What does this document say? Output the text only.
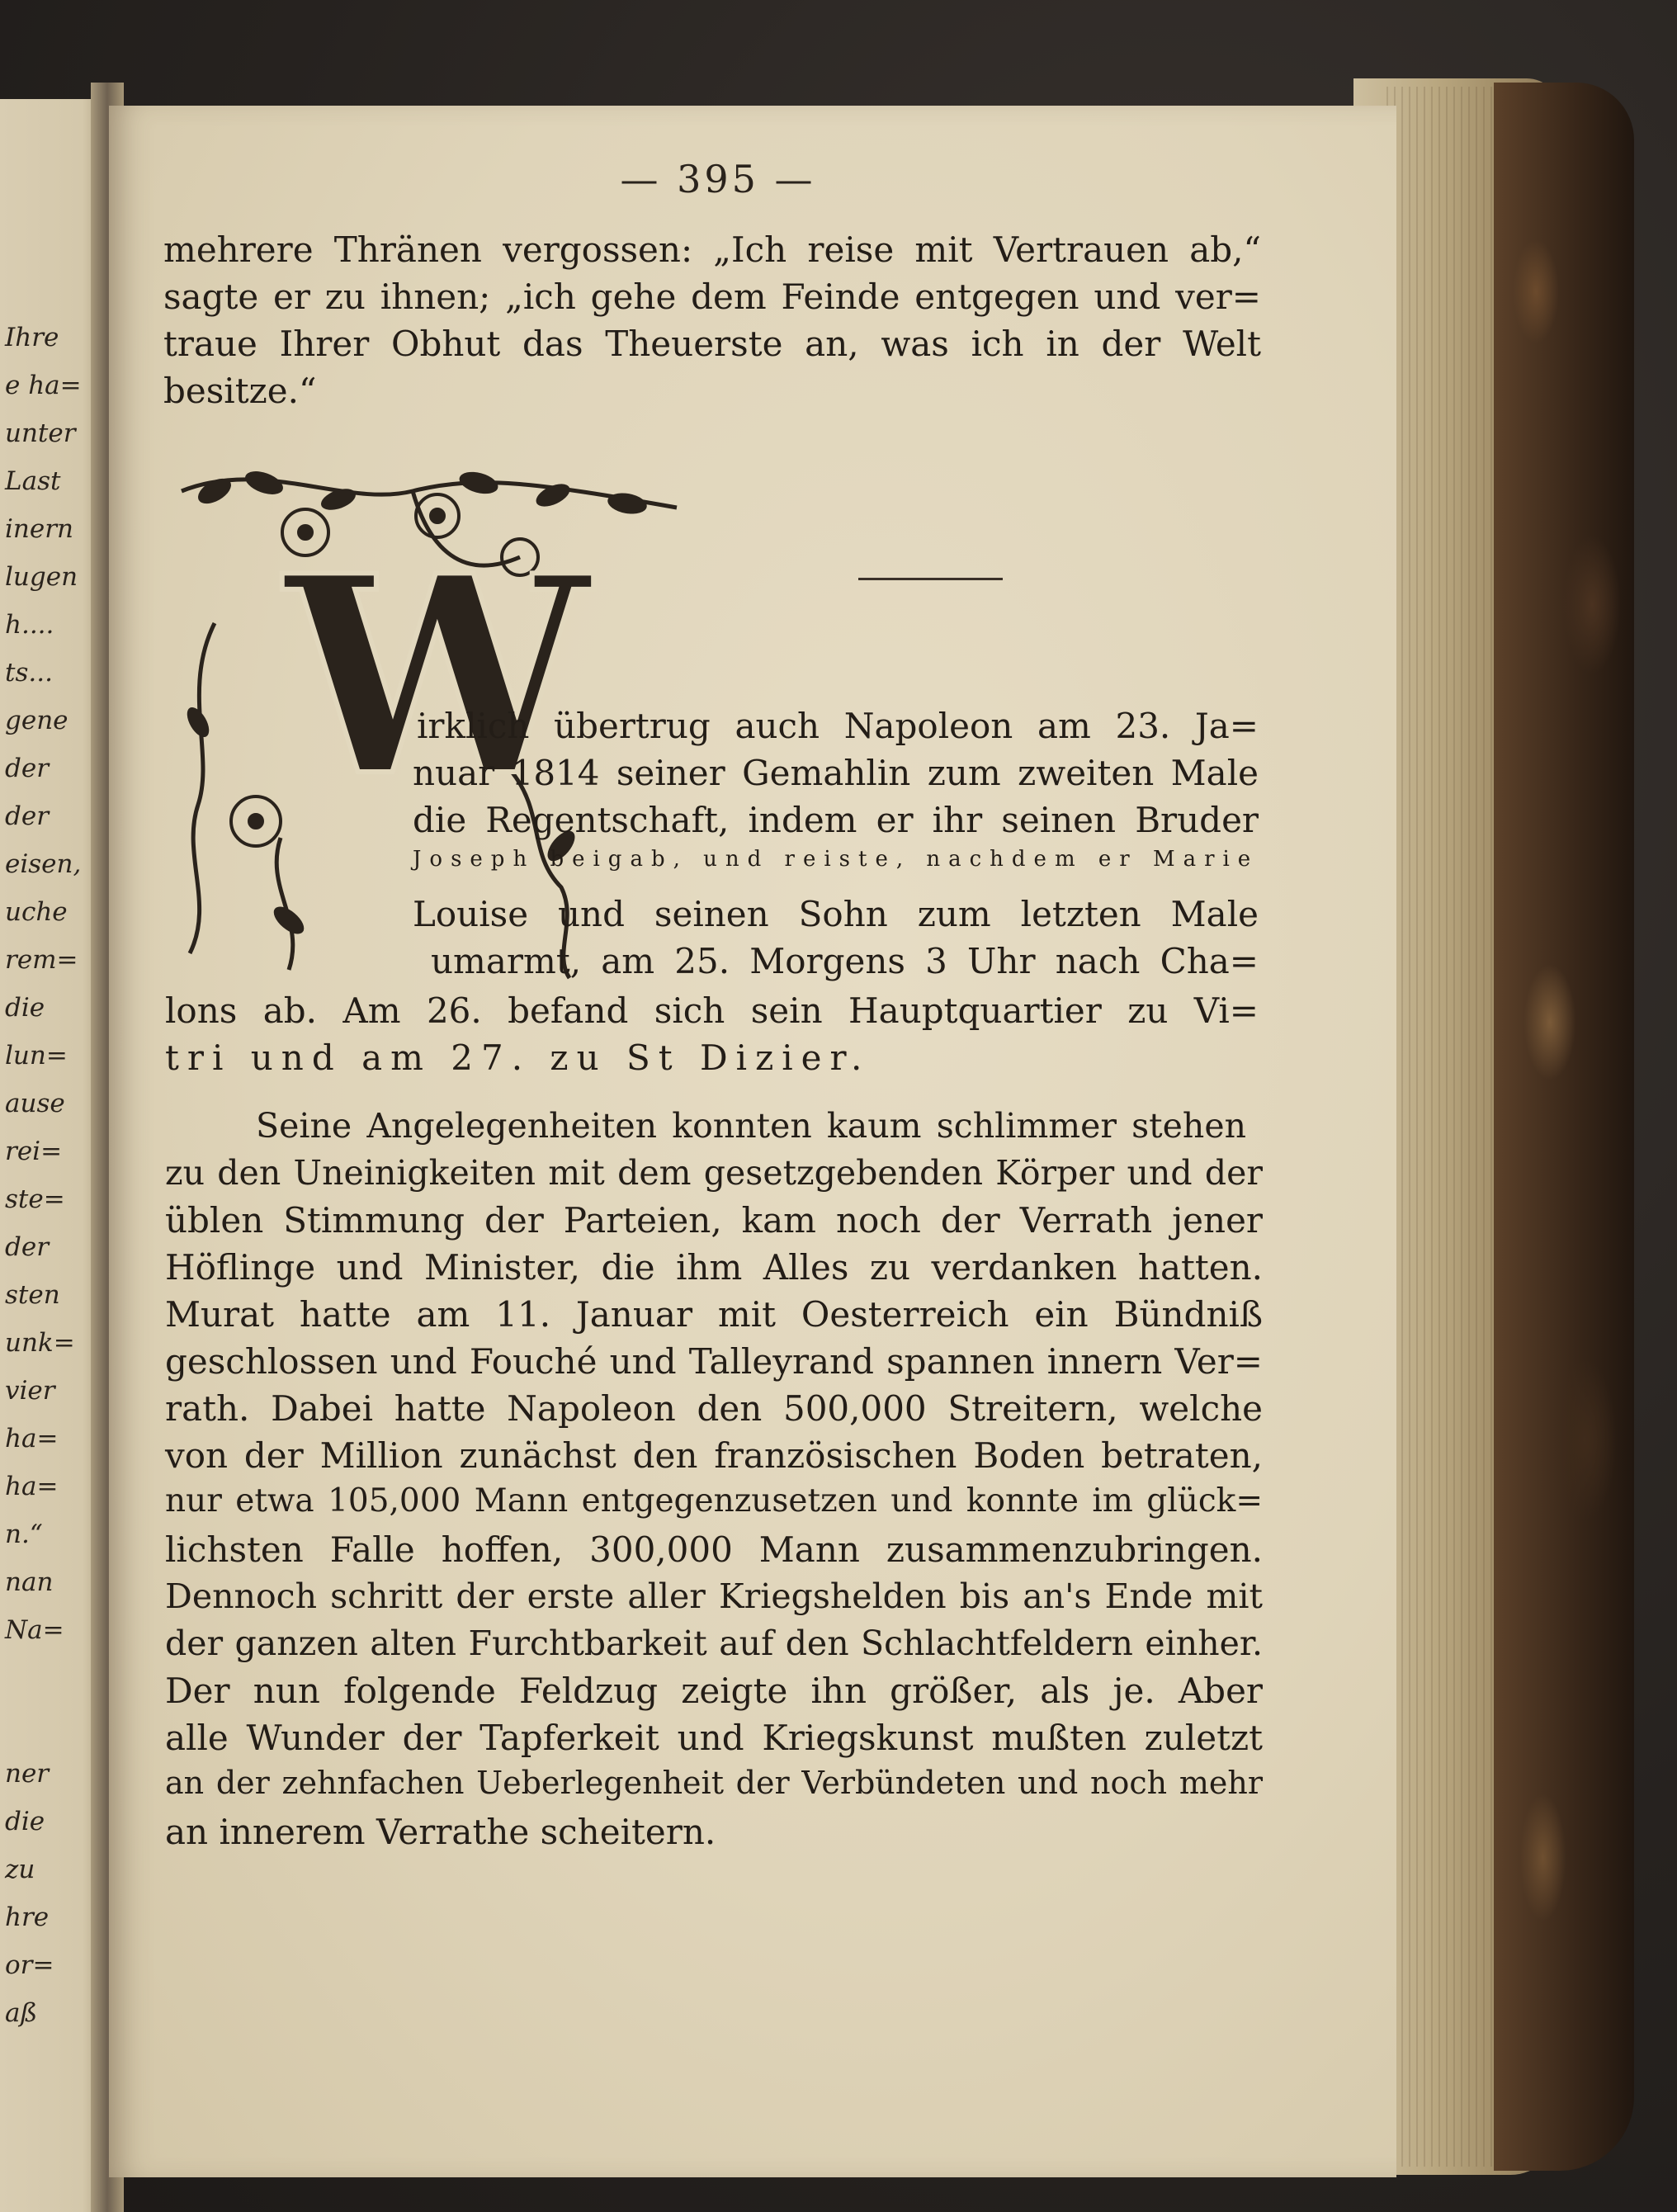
Ihre
e ha=
unter
Last
inern
lugen
h....
ts...
gene
der
der
eisen,
uche
rem=
die
lun=
ause
rei=
ste=
der
sten
unk=
vier
ha=
ha=
n.“
nan
Na=

ner
die
zu
hre
or=
aß
— 395 —
mehrere Thränen vergossen: „Ich reise mit Vertrauen ab,“
sagte er zu ihnen; „ich gehe dem Feinde entgegen und ver=
traue Ihrer Obhut das Theuerste an, was ich in der Welt
besitze.“
W
irklich übertrug auch Napoleon am 23. Ja=
nuar 1814 seiner Gemahlin zum zweiten Male
die Regentschaft, indem er ihr seinen Bruder
Joseph beigab, und reiste, nachdem er Marie
Louise und seinen Sohn zum letzten Male
umarmt, am 25. Morgens 3 Uhr nach Cha=
lons ab. Am 26. befand sich sein Hauptquartier zu Vi=
tri und am 27. zu St Dizier.
Seine Angelegenheiten konnten kaum schlimmer stehen
zu den Uneinigkeiten mit dem gesetzgebenden Körper und der
üblen Stimmung der Parteien, kam noch der Verrath jener
Höflinge und Minister, die ihm Alles zu verdanken hatten.
Murat hatte am 11. Januar mit Oesterreich ein Bündniß
geschlossen und Fouché und Talleyrand spannen innern Ver=
rath. Dabei hatte Napoleon den 500,000 Streitern, welche
von der Million zunächst den französischen Boden betraten,
nur etwa 105,000 Mann entgegenzusetzen und konnte im glück=
lichsten Falle hoffen, 300,000 Mann zusammenzubringen.
Dennoch schritt der erste aller Kriegshelden bis an's Ende mit
der ganzen alten Furchtbarkeit auf den Schlachtfeldern einher.
Der nun folgende Feldzug zeigte ihn größer, als je. Aber
alle Wunder der Tapferkeit und Kriegskunst mußten zuletzt
an der zehnfachen Ueberlegenheit der Verbündeten und noch mehr
an innerem Verrathe scheitern.
